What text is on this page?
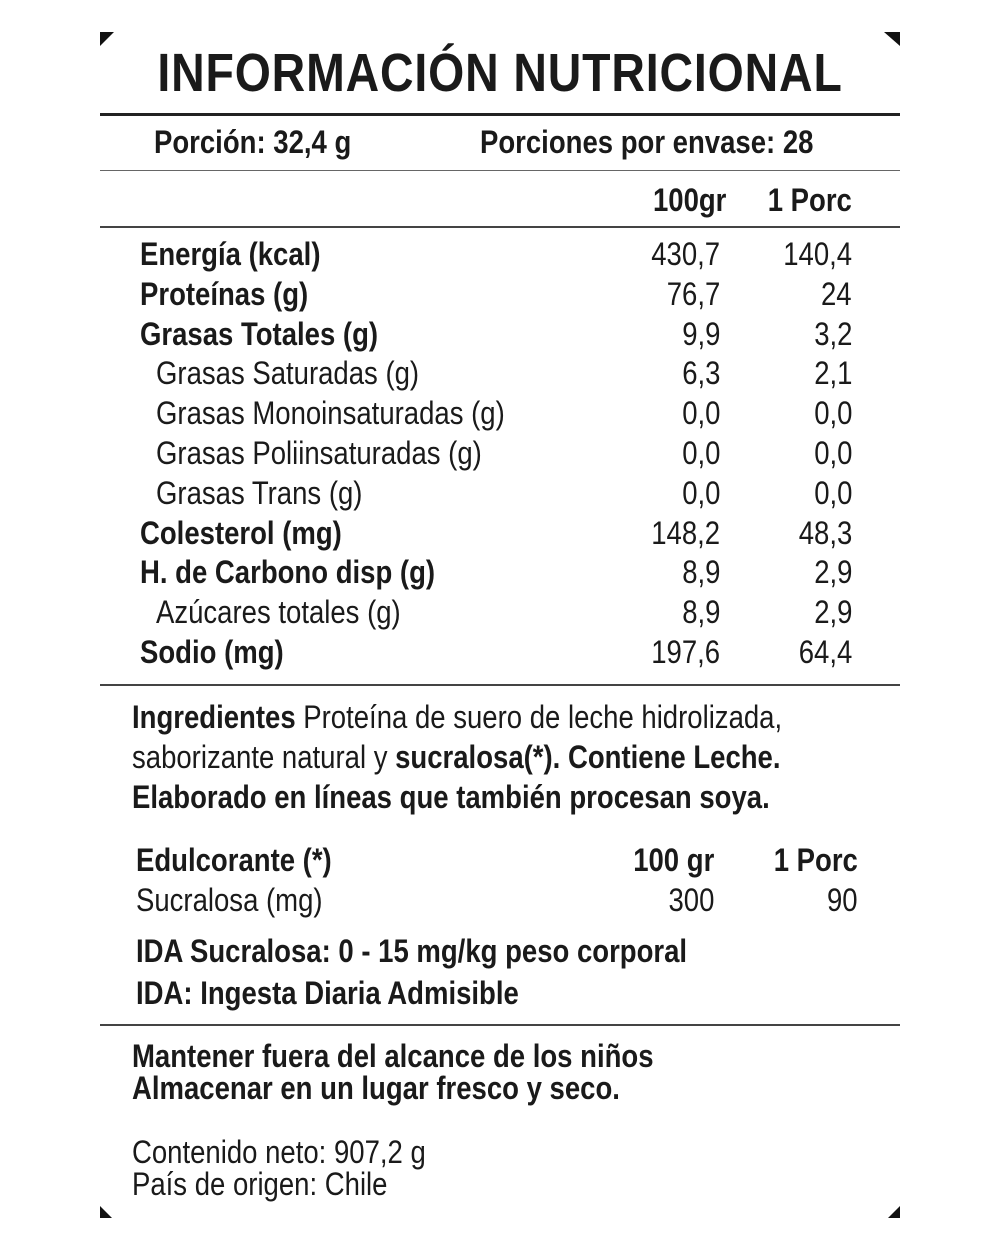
INFORMACIÓN NUTRICIONAL
Porción: 32,4 g	Porciones por envase: 28
100gr	1 Porc
Energía (kcal)	430,7	140,4
Proteínas (g)	76,7	24
Grasas Totales (g)	9,9	3,2
Grasas Saturadas (g)	6,3	2,1
Grasas Monoinsaturadas (g)	0,0	0,0
Grasas Poliinsaturadas (g)	0,0	0,0
Grasas Trans (g)	0,0	0,0
Colesterol (mg)	148,2 48,3
H. de Carbono disp (g)	8,9	2,9
Azúcares totales (g)	8,9	2,9
Sodio (mg)	197,6 64,4
Ingredientes Proteína de suero de leche hidrolizada,
saborizante natural y sucralosa(*). Contiene Leche.
Elaborado en líneas que también procesan soya.
Edulcorante (*)	100 gr	1 Porc
Sucralosa (mg)	300	90
IDA Sucralosa: 0 - 15 mg/kg peso corporal
IDA: Ingesta Diaria Admisible
Mantener fuera del alcance de los niños
Almacenar en un lugar fresco y seco.
Contenido neto: 907,2 g
País de origen: Chile
